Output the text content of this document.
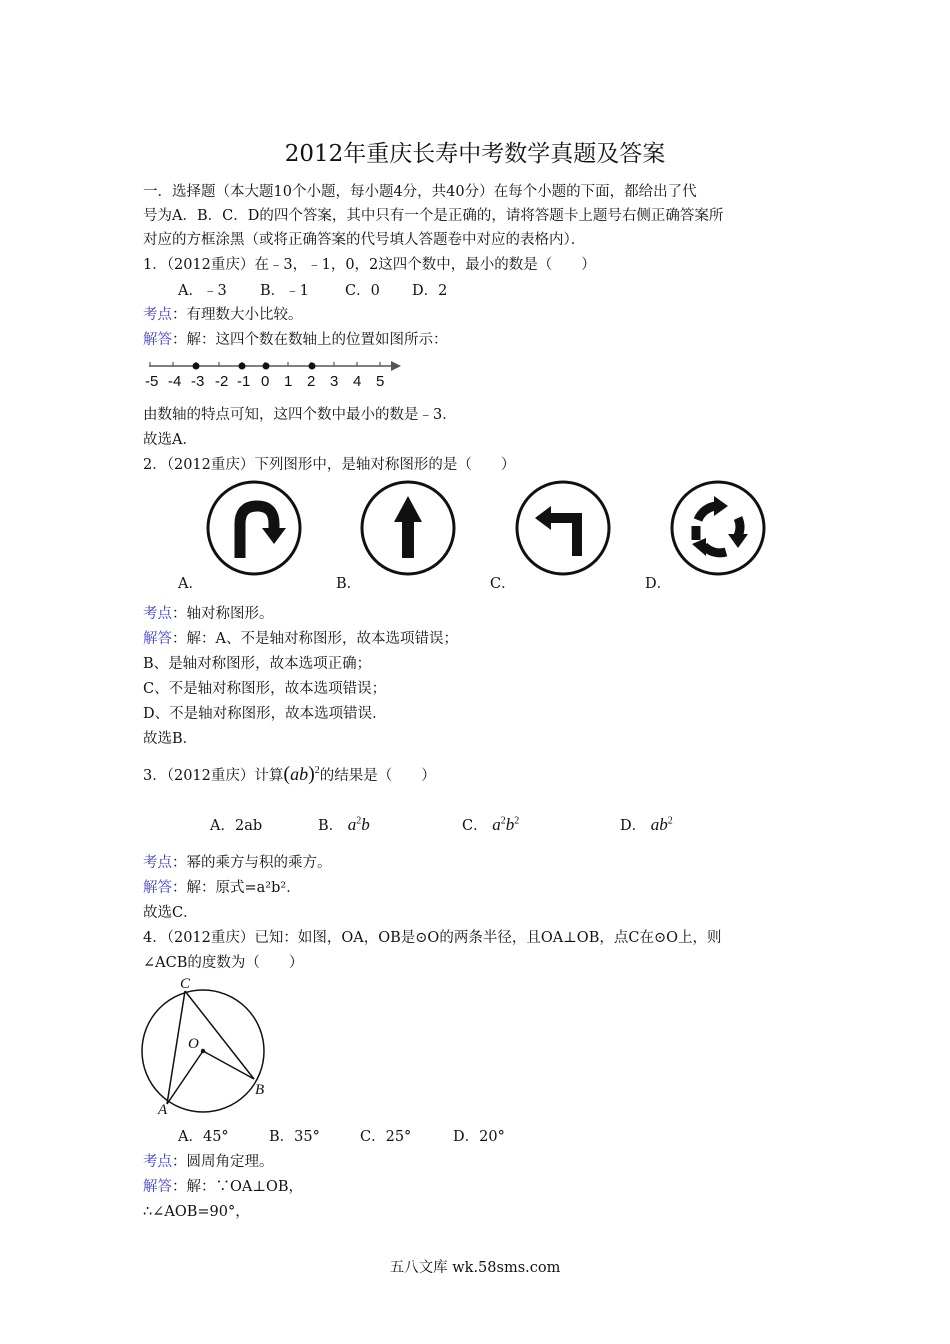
2012年重庆长寿中考数学真题及答案
一．选择题（本大题10个小题，每小题4分，共40分）在每个小题的下面，都给出了代
号为A．B．C．D的四个答案，其中只有一个是正确的，请将答题卡上题号右侧正确答案所
对应的方框涂黑（或将正确答案的代号填人答题卷中对应的表格内）．
1．（2012重庆）在﹣3，﹣1，0，2这四个数中，最小的数是（　　）
A．﹣3 B．﹣1 C．0 D．2
考点：有理数大小比较。
解答：解：这四个数在数轴上的位置如图所示：
-5 -4 -3 -2 -1 0 1 2 3 4 5
由数轴的特点可知，这四个数中最小的数是﹣3．
故选A．
2．（2012重庆）下列图形中，是轴对称图形的是（　　）
A．	B．	C．	D．
考点：轴对称图形。
解答：解：A、不是轴对称图形，故本选项错误；
B、是轴对称图形，故本选项正确；
C、不是轴对称图形，故本选项错误；
D、不是轴对称图形，故本选项错误．
故选B．
3．（2012重庆）计算(ab)$^2$的结果是（　　）
A．2ab	B． $a^2b$	C． $a^2b^2$	D． $ab^2$
考点：幂的乘方与积的乘方。
解答：解：原式=a²b²．
故选C．
4．（2012重庆）已知：如图，OA，OB是⊙O的两条半径，且OA⊥OB，点C在⊙O上，则
∠ACB的度数为（　　）
C
O
A
B
A．45°	B．35°	C．25°	D．20°
考点：圆周角定理。
解答：解：∵OA⊥OB，
∴∠AOB=90°，
五八文库 wk.58sms.com
